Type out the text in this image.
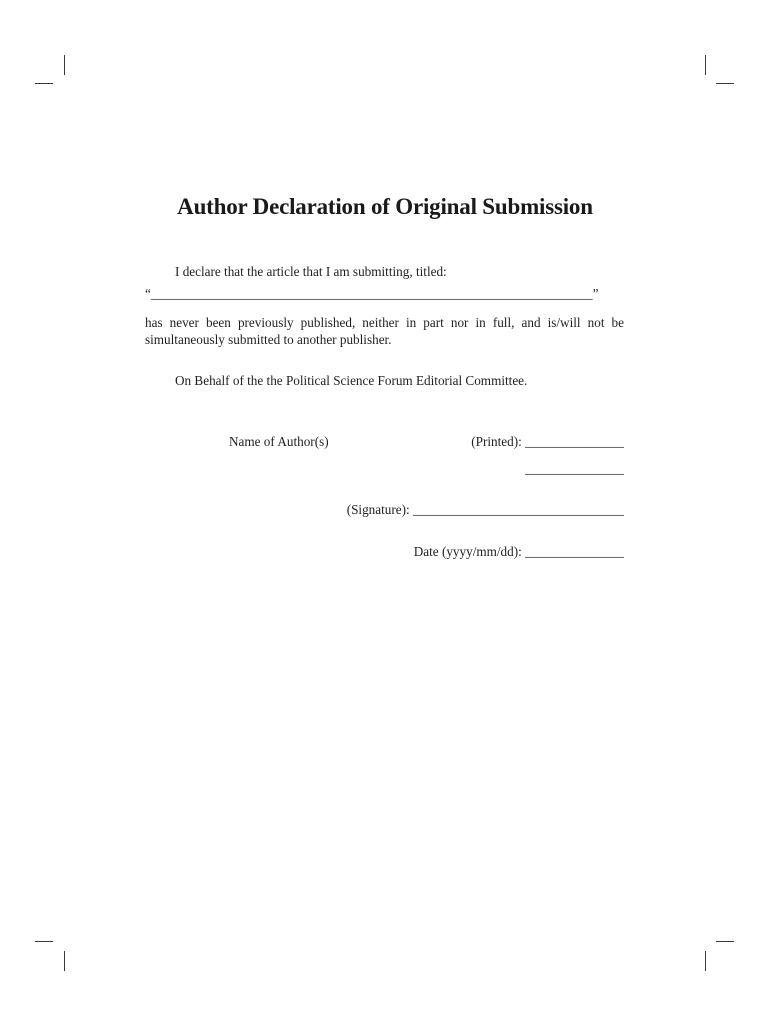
Author Declaration of Original Submission
I declare that the article that I am submitting, titled:
“___________________________________________________________________”
has never been previously published, neither in part nor in full, and is/will not be simultaneously submitted to another publisher.
On Behalf of the the Political Science Forum Editorial Committee.
Name of Author(s)	(Printed): _______________
_______________
(Signature): ________________________________
Date (yyyy/mm/dd): _______________
